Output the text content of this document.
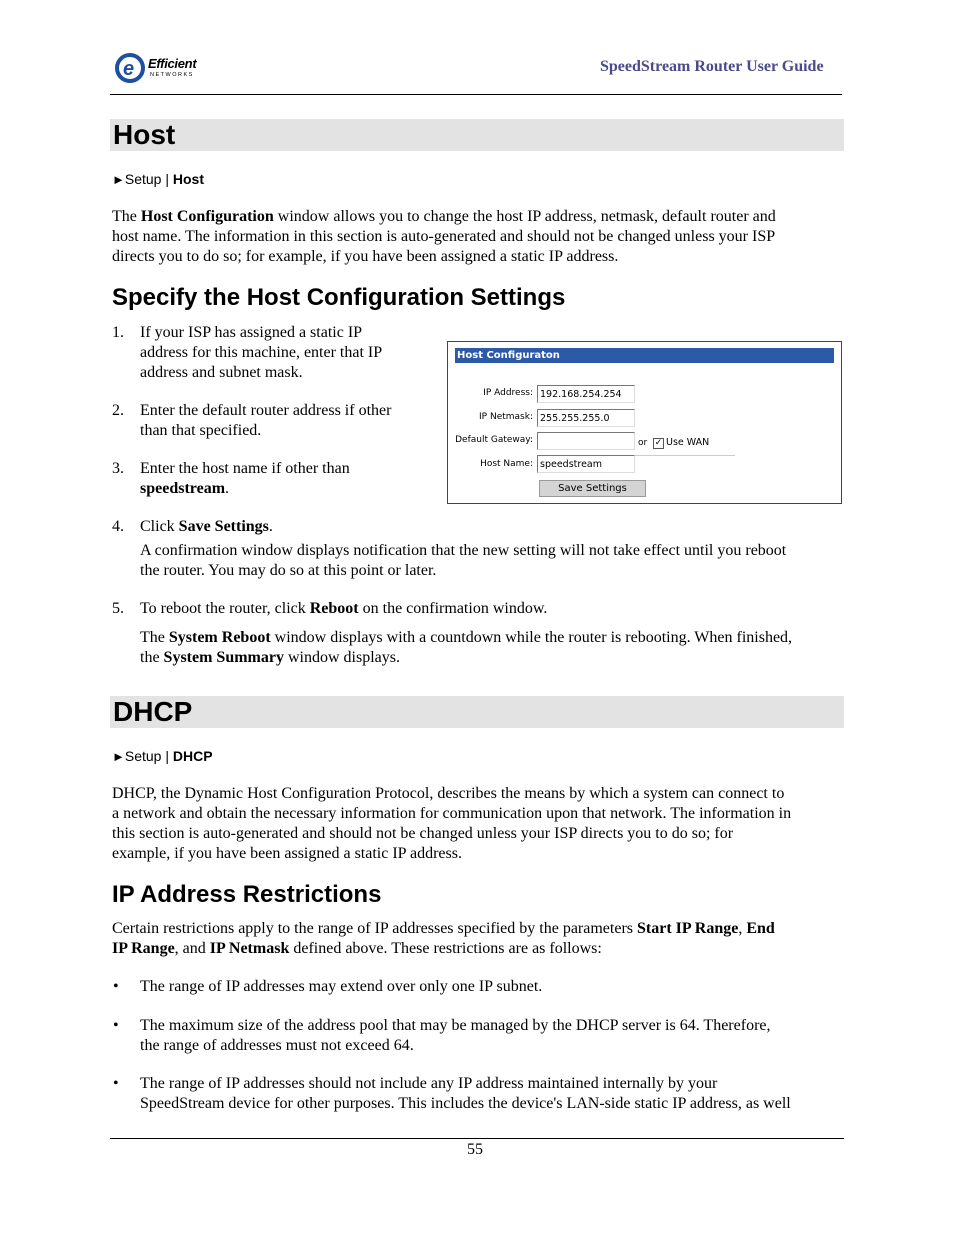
e Efficient
NETWORKS	SpeedStream Router User Guide
Host
►Setup | Host
The Host Configuration window allows you to change the host IP address, netmask, default router and
host name. The information in this section is auto-generated and should not be changed unless your ISP
directs you to do so; for example, if you have been assigned a static IP address.
Specify the Host Configuration Settings
1.	If your ISP has assigned a static IP
address for this machine, enter that IP
address and subnet mask.
2.	Enter the default router address if other
than that specified.
3.	Enter the host name if other than
speedstream.
Host Configuraton
IP Address: 192.168.254.254
IP Netmask: 255.255.255.0
Default Gateway:	or ✓ Use WAN
Host Name: speedstream
Save Settings
4.	Click Save Settings.
A confirmation window displays notification that the new setting will not take effect until you reboot
the router. You may do so at this point or later.
5.	To reboot the router, click Reboot on the confirmation window.
The System Reboot window displays with a countdown while the router is rebooting. When finished,
the System Summary window displays.
DHCP
►Setup | DHCP
DHCP, the Dynamic Host Configuration Protocol, describes the means by which a system can connect to
a network and obtain the necessary information for communication upon that network. The information in
this section is auto-generated and should not be changed unless your ISP directs you to do so; for
example, if you have been assigned a static IP address.
IP Address Restrictions
Certain restrictions apply to the range of IP addresses specified by the parameters Start IP Range, End
IP Range, and IP Netmask defined above. These restrictions are as follows:
• The range of IP addresses may extend over only one IP subnet.
• The maximum size of the address pool that may be managed by the DHCP server is 64. Therefore,
the range of addresses must not exceed 64.
• The range of IP addresses should not include any IP address maintained internally by your
SpeedStream device for other purposes. This includes the device's LAN-side static IP address, as well
55
